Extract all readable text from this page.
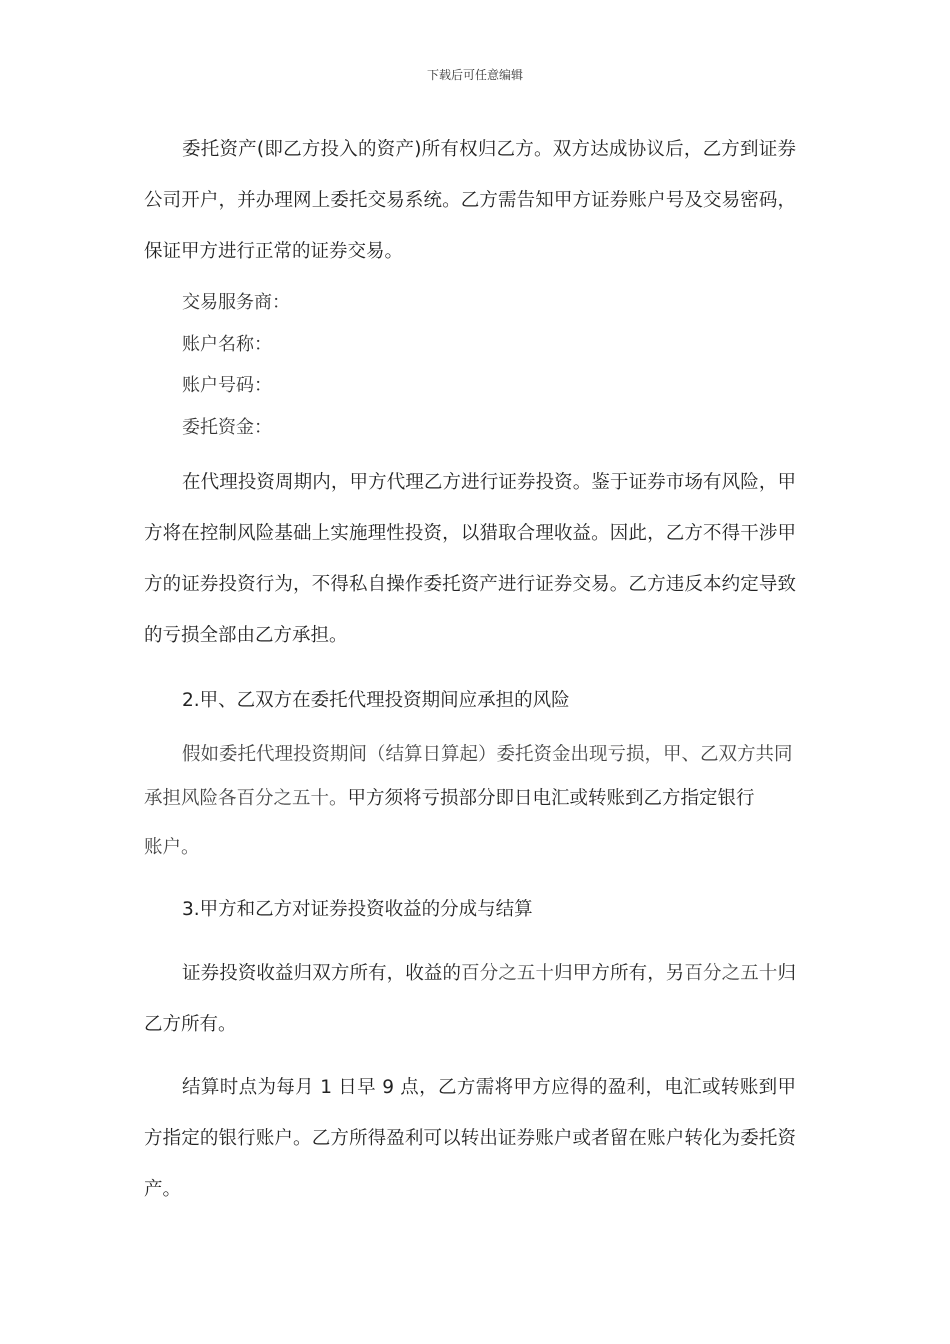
下载后可任意编辑

委托资产(即乙方投入的资产)所有权归乙方。双方达成协议后，乙方到证券公司开户，并办理网上委托交易系统。乙方需告知甲方证券账户号及交易密码，保证甲方进行正常的证券交易。

交易服务商：
账户名称：
账户号码：
委托资金：

在代理投资周期内，甲方代理乙方进行证券投资。鉴于证券市场有风险，甲方将在控制风险基础上实施理性投资，以猎取合理收益。因此，乙方不得干涉甲方的证券投资行为，不得私自操作委托资产进行证券交易。乙方违反本约定导致的亏损全部由乙方承担。

2.甲、乙双方在委托代理投资期间应承担的风险

假如委托代理投资期间（结算日算起）委托资金出现亏损，甲、乙双方共同承担风险各百分之五十。甲方须将亏损部分即日电汇或转账到乙方指定银行

账户。

3.甲方和乙方对证券投资收益的分成与结算

证券投资收益归双方所有，收益的百分之五十归甲方所有，另百分之五十归乙方所有。

结算时点为每月 1 日早 9 点，乙方需将甲方应得的盈利，电汇或转账到甲方指定的银行账户。乙方所得盈利可以转出证券账户或者留在账户转化为委托资产。
